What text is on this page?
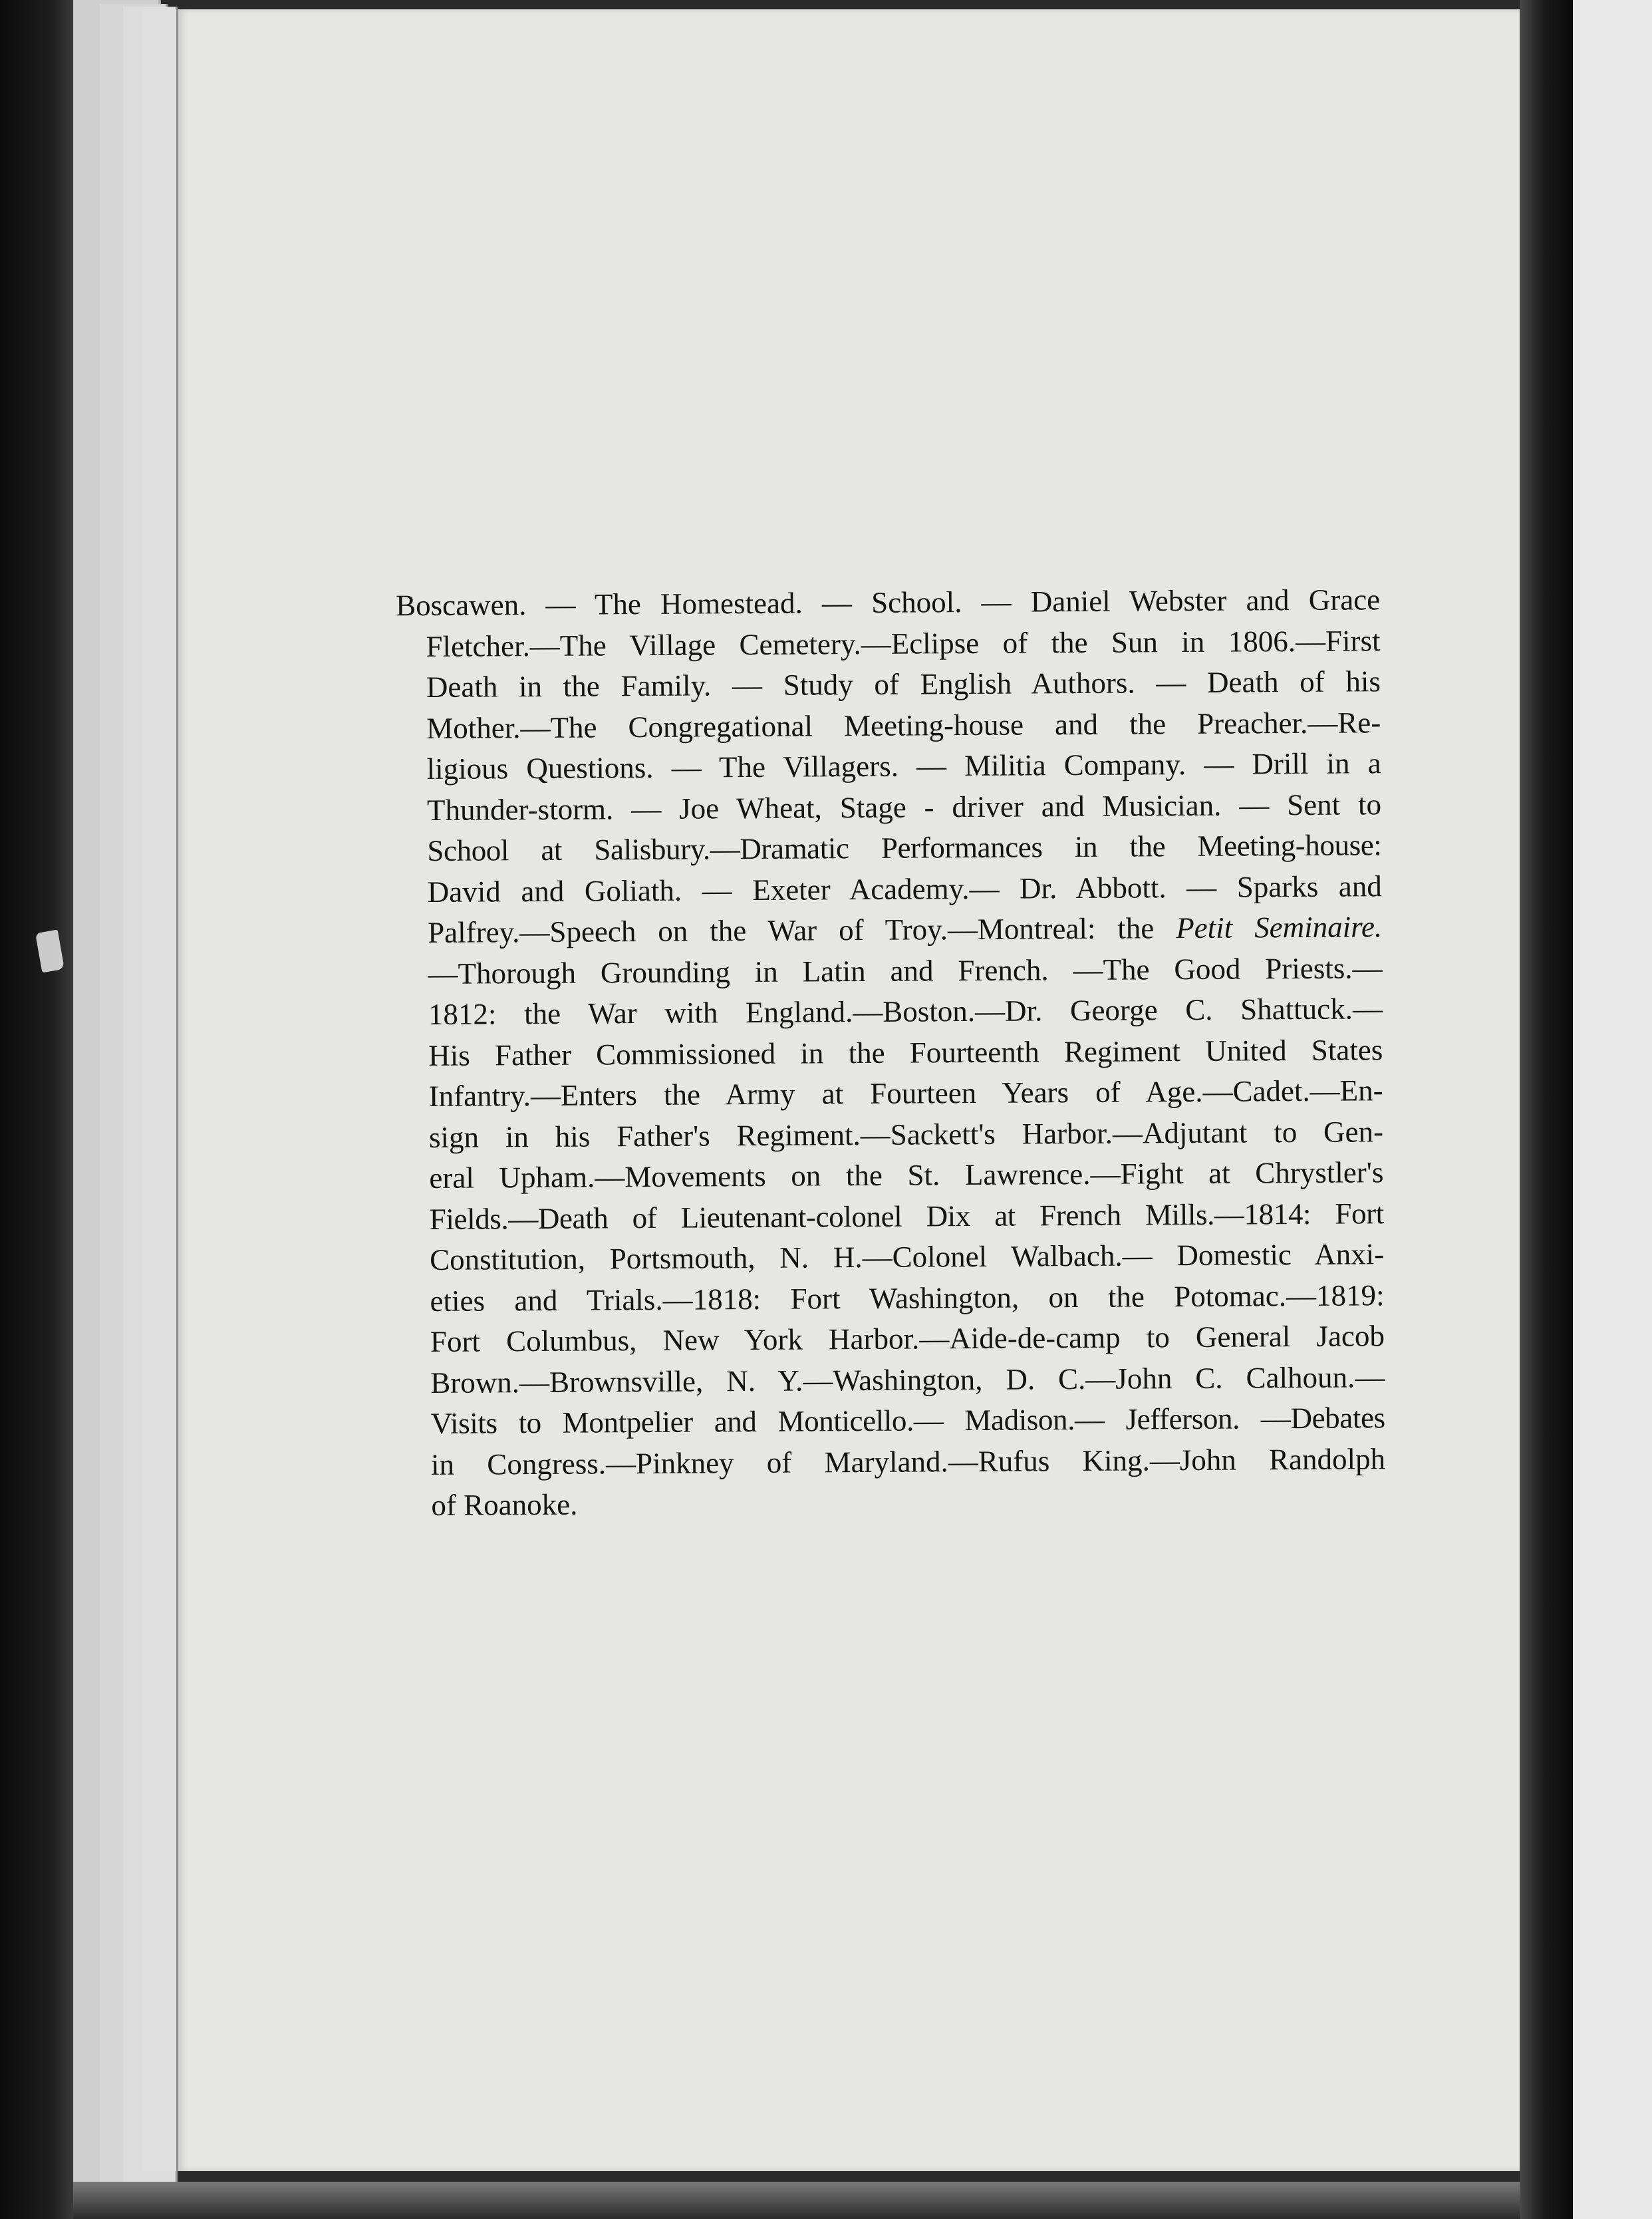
Boscawen. — The Homestead. — School. — Daniel Webster and Grace
Fletcher.—The Village Cemetery.—Eclipse of the Sun in 1806.—First
Death in the Family. — Study of English Authors. — Death of his
Mother.—The Congregational Meeting-house and the Preacher.—Re-
ligious Questions. — The Villagers. — Militia Company. — Drill in a
Thunder-storm. — Joe Wheat, Stage - driver and Musician. — Sent to
School at Salisbury.—Dramatic Performances in the Meeting-house:
David and Goliath. — Exeter Academy.— Dr. Abbott. — Sparks and
Palfrey.—Speech on the War of Troy.—Montreal: the Petit Seminaire.
—Thorough Grounding in Latin and French. —The Good Priests.—
1812: the War with England.—Boston.—Dr. George C. Shattuck.—
His Father Commissioned in the Fourteenth Regiment United States
Infantry.—Enters the Army at Fourteen Years of Age.—Cadet.—En-
sign in his Father's Regiment.—Sackett's Harbor.—Adjutant to Gen-
eral Upham.—Movements on the St. Lawrence.—Fight at Chrystler's
Fields.—Death of Lieutenant-colonel Dix at French Mills.—1814: Fort
Constitution, Portsmouth, N. H.—Colonel Walbach.— Domestic Anxi-
eties and Trials.—1818: Fort Washington, on the Potomac.—1819:
Fort Columbus, New York Harbor.—Aide-de-camp to General Jacob
Brown.—Brownsville, N. Y.—Washington, D. C.—John C. Calhoun.—
Visits to Montpelier and Monticello.— Madison.— Jefferson. —Debates
in Congress.—Pinkney of Maryland.—Rufus King.—John Randolph
of Roanoke.
